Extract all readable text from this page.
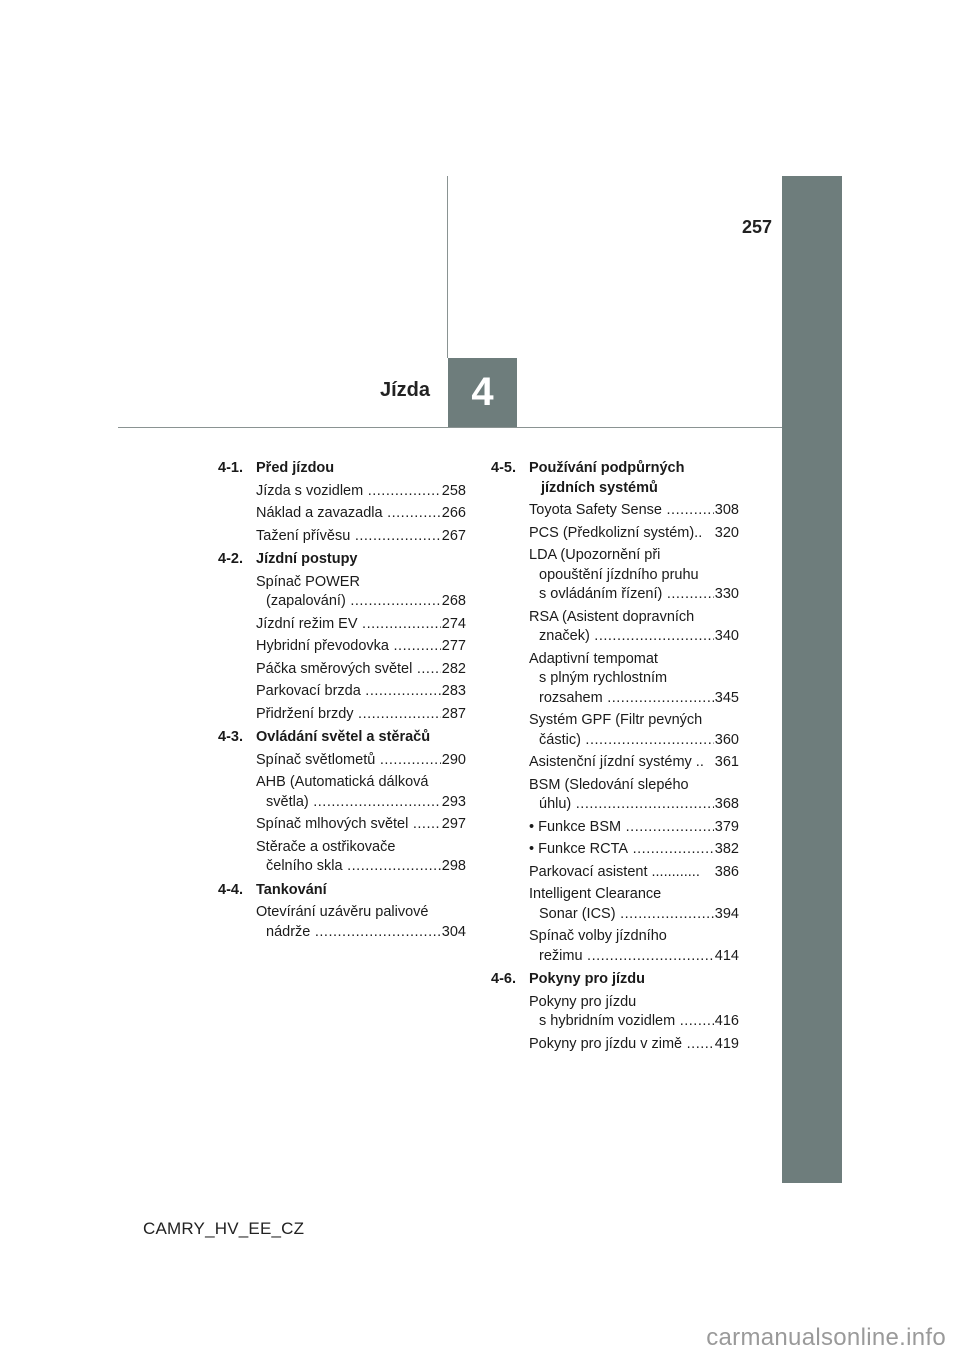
257
Jízda	4
4-1. Před jízdou
Jízda s vozidlem .....	258
Náklad a zavazadla .....	266
Tažení přívěsu .....	267
4-2. Jízdní postupy
Spínač POWER
(zapalování) .....	268
Jízdní režim EV .....	274
Hybridní převodovka .....	277
Páčka směrových světel .....	282
Parkovací brzda .....	283
Přidržení brzdy .....	287
4-3. Ovládání světel a stěračů
Spínač světlometů .....	290
AHB (Automatická dálková
světla) .....	293
Spínač mlhových světel .....	297
Stěrače a ostřikovače
čelního skla .....	298
4-4. Tankování
Otevírání uzávěru palivové
nádrže .....	304
4-5. Používání podpůrných
jízdních systémů
Toyota Safety Sense .....	308
PCS (Předkolizní systém).. 320
LDA (Upozornění při
opouštění jízdního pruhu
s ovládáním řízení) .....	330
RSA (Asistent dopravních
značek) .....	340
Adaptivní tempomat
s plným rychlostním
rozsahem .....	345
Systém GPF (Filtr pevných
částic) .....	360
Asistenční jízdní systémy .. 361
BSM (Sledování slepého
úhlu) .....	368
• Funkce BSM .....	379
• Funkce RCTA .....	382
Parkovací asistent ............	386
Intelligent Clearance
Sonar (ICS) .....	394
Spínač volby jízdního
režimu .....	414
4-6. Pokyny pro jízdu
Pokyny pro jízdu
s hybridním vozidlem .....	416
Pokyny pro jízdu v zimě .....	419
CAMRY_HV_EE_CZ
carmanualsonline.info
